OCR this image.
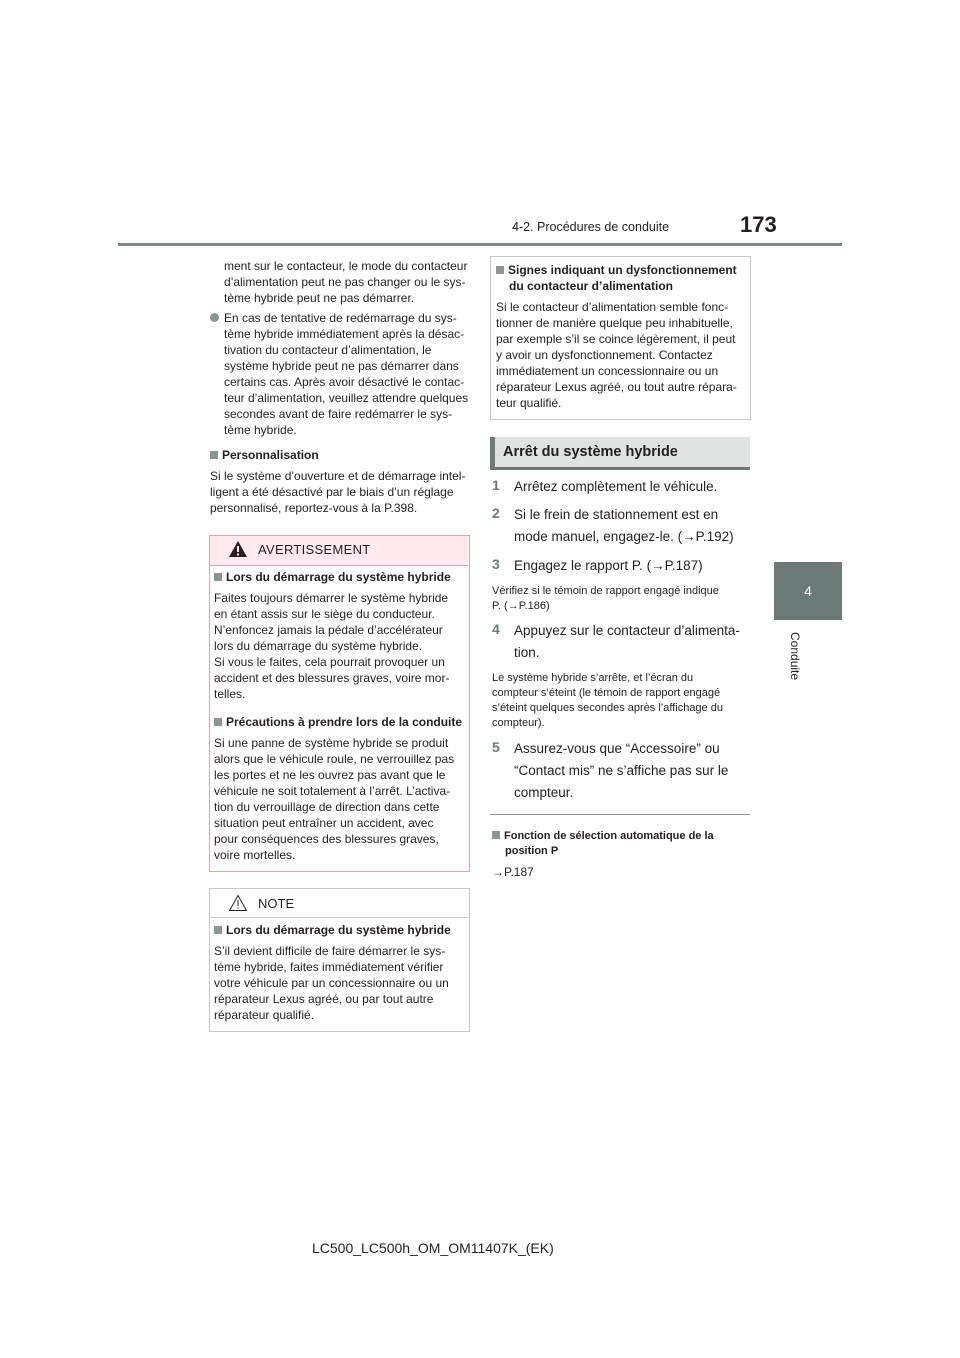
4-2. Procédures de conduite	173
4
Conduite
ment sur le contacteur, le mode du contacteur
d’alimentation peut ne pas changer ou le sys-
tème hybride peut ne pas démarrer.
En cas de tentative de redémarrage du sys-
tème hybride immédiatement après la désac-
tivation du contacteur d’alimentation, le
système hybride peut ne pas démarrer dans
certains cas. Après avoir désactivé le contac-
teur d’alimentation, veuillez attendre quelques
secondes avant de faire redémarrer le sys-
tème hybride.
Personnalisation
Si le système d’ouverture et de démarrage intel-
ligent a été désactivé par le biais d’un réglage
personnalisé, reportez-vous à la P.398.
AVERTISSEMENT
Lors du démarrage du système hybride
Faites toujours démarrer le système hybride
en étant assis sur le siège du conducteur.
N’enfoncez jamais la pédale d’accélérateur
lors du démarrage du système hybride.
Si vous le faites, cela pourrait provoquer un
accident et des blessures graves, voire mor-
telles.
Précautions à prendre lors de la conduite
Si une panne de système hybride se produit
alors que le véhicule roule, ne verrouillez pas
les portes et ne les ouvrez pas avant que le
véhicule ne soit totalement à l’arrêt. L’activa-
tion du verrouillage de direction dans cette
situation peut entraîner un accident, avec
pour conséquences des blessures graves,
voire mortelles.
NOTE
Lors du démarrage du système hybride
S’il devient difficile de faire démarrer le sys-
tème hybride, faites immédiatement vérifier
votre véhicule par un concessionnaire ou un
réparateur Lexus agréé, ou par tout autre
réparateur qualifié.
Signes indiquant un dysfonctionnement
du contacteur d’alimentation
Si le contacteur d’alimentation semble fonc-
tionner de manière quelque peu inhabituelle,
par exemple s’il se coince légèrement, il peut
y avoir un dysfonctionnement. Contactez
immédiatement un concessionnaire ou un
réparateur Lexus agréé, ou tout autre répara-
teur qualifié.
Arrêt du système hybride
1 Arrêtez complètement le véhicule.
2 Si le frein de stationnement est en
mode manuel, engagez-le. (→P.192)
3 Engagez le rapport P. (→P.187)
Vérifiez si le témoin de rapport engagé indique
P. (→P.186)
4 Appuyez sur le contacteur d’alimenta-
tion.
Le système hybride s’arrête, et l’écran du
compteur s’éteint (le témoin de rapport engagé
s’éteint quelques secondes après l’affichage du
compteur).
5 Assurez-vous que “Accessoire” ou
“Contact mis” ne s’affiche pas sur le
compteur.
Fonction de sélection automatique de la
position P
→P.187
LC500_LC500h_OM_OM11407K_(EK)
